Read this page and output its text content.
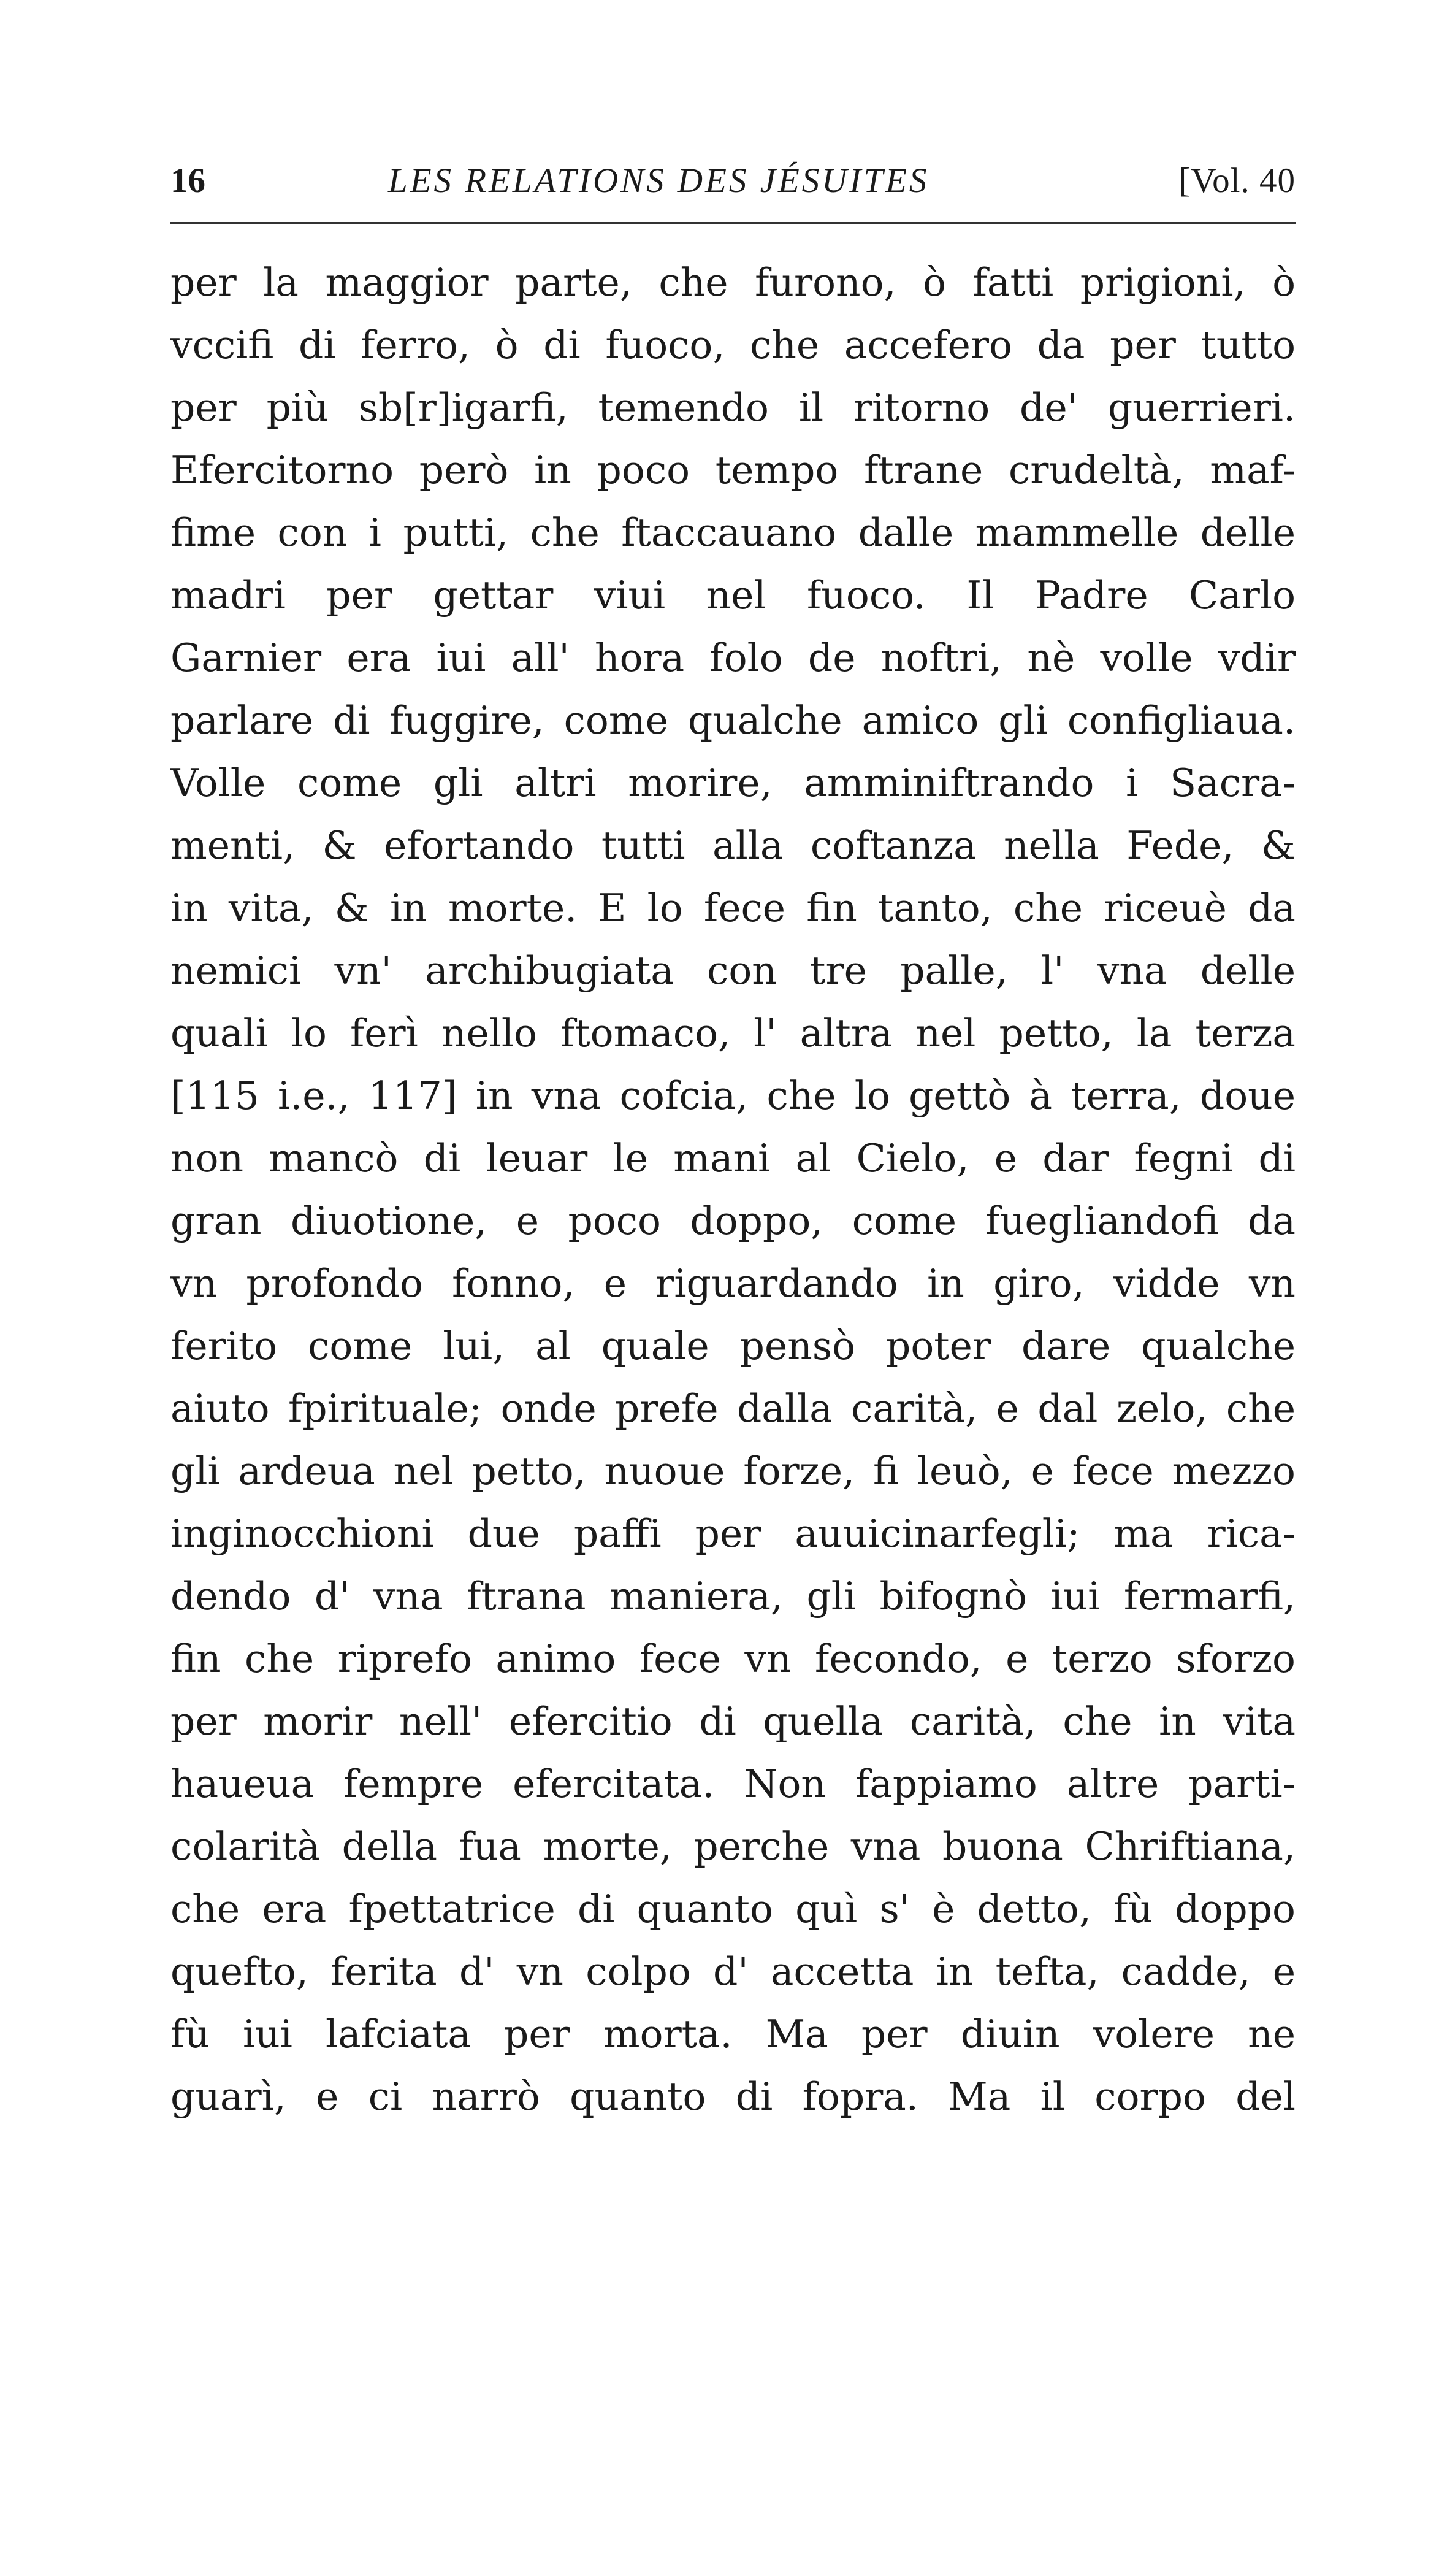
16	LES RELATIONS DES JÉSUITES	[Vol. 40
per la maggior parte, che furono, ò fatti prigioni, ò
vccifi di ferro, ò di fuoco, che accefero da per tutto
per più sb[r]igarfi, temendo il ritorno de' guerrieri.
Efercitorno però in poco tempo ftrane crudeltà, maf-
fime con i putti, che ftaccauano dalle mammelle delle
madri per gettar viui nel fuoco. Il Padre Carlo
Garnier era iui all' hora folo de noftri, nè volle vdir
parlare di fuggire, come qualche amico gli configliaua.
Volle come gli altri morire, amminiftrando i Sacra-
menti, & efortando tutti alla coftanza nella Fede, &
in vita, & in morte. E lo fece fin tanto, che riceuè da
nemici vn' archibugiata con tre palle, l' vna delle
quali lo ferì nello ftomaco, l' altra nel petto, la terza
[115 i.e., 117] in vna cofcia, che lo gettò à terra, doue
non mancò di leuar le mani al Cielo, e dar fegni di
gran diuotione, e poco doppo, come fuegliandofi da
vn profondo fonno, e riguardando in giro, vidde vn
ferito come lui, al quale pensò poter dare qualche
aiuto fpirituale; onde prefe dalla carità, e dal zelo, che
gli ardeua nel petto, nuoue forze, fi leuò, e fece mezzo
inginocchioni due paffi per auuicinarfegli; ma rica-
dendo d' vna ftrana maniera, gli bifognò iui fermarfi,
fin che riprefo animo fece vn fecondo, e terzo sforzo
per morir nell' efercitio di quella carità, che in vita
haueua fempre efercitata. Non fappiamo altre parti-
colarità della fua morte, perche vna buona Chriftiana,
che era fpettatrice di quanto quì s' è detto, fù doppo
quefto, ferita d' vn colpo d' accetta in tefta, cadde, e
fù iui lafciata per morta. Ma per diuin volere ne
guarì, e ci narrò quanto di fopra. Ma il corpo del
